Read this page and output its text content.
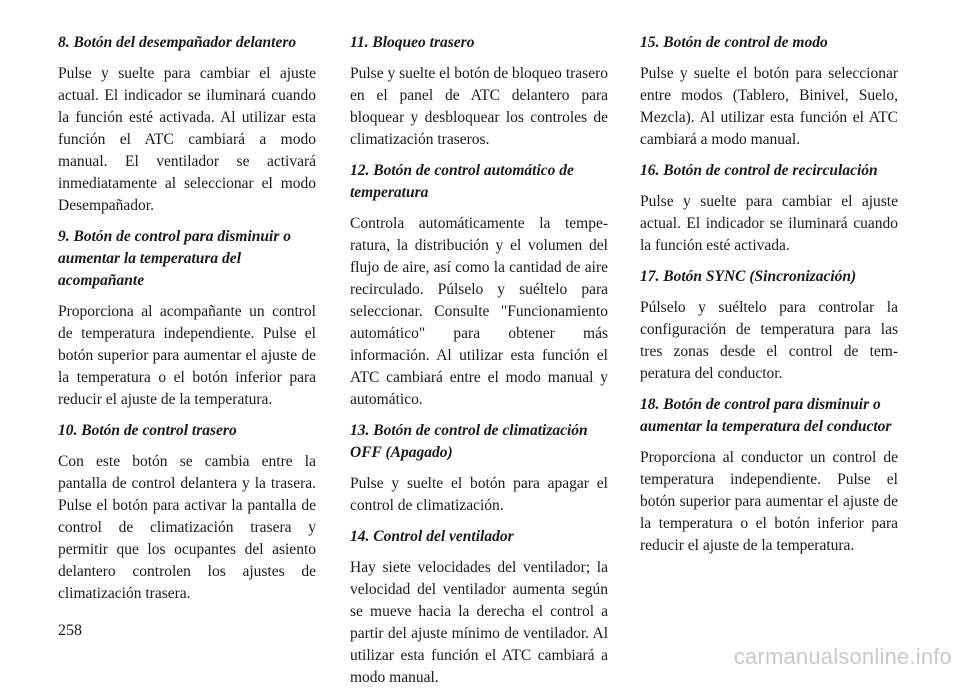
8. Botón del desempañador delantero

Pulse y suelte para cambiar el ajuste actual. El indicador se iluminará cuando la función esté activada. Al utilizar esta función el ATC cambiará a modo manual. El ventilador se activará inmediatamente al seleccionar el modo Desempañador.

9. Botón de control para disminuir o aumentar la temperatura del acompañante

Proporciona al acompañante un control de temperatura independiente. Pulse el botón superior para aumentar el ajuste de la temperatura o el botón inferior para reducir el ajuste de la temperatura.

10. Botón de control trasero

Con este botón se cambia entre la pantalla de control delantera y la trasera. Pulse el botón para activar la pantalla de control de climatización trasera y permitir que los ocupantes del asiento delantero controlen los ajustes de climatización trasera.

11. Bloqueo trasero

Pulse y suelte el botón de bloqueo trasero en el panel de ATC delantero para bloquear y desbloquear los controles de climatización traseros.

12. Botón de control automático de temperatura

Controla automáticamente la temperatura, la distribución y el volumen del flujo de aire, así como la cantidad de aire recirculado. Púlselo y suéltelo para seleccionar. Consulte "Funcionamiento automático" para obtener más información. Al utilizar esta función el ATC cambiará entre el modo manual y automático.

13. Botón de control de climatización OFF (Apagado)

Pulse y suelte el botón para apagar el control de climatización.

14. Control del ventilador

Hay siete velocidades del ventilador; la velocidad del ventilador aumenta según se mueve hacia la derecha el control a partir del ajuste mínimo de ventilador. Al utilizar esta función el ATC cambiará a modo manual.

15. Botón de control de modo

Pulse y suelte el botón para seleccionar entre modos (Tablero, Binivel, Suelo, Mezcla). Al utilizar esta función el ATC cambiará a modo manual.

16. Botón de control de recirculación

Pulse y suelte para cambiar el ajuste actual. El indicador se iluminará cuando la función esté activada.

17. Botón SYNC (Sincronización)

Púlselo y suéltelo para controlar la configuración de temperatura para las tres zonas desde el control de temperatura del conductor.

18. Botón de control para disminuir o aumentar la temperatura del conductor

Proporciona al conductor un control de temperatura independiente. Pulse el botón superior para aumentar el ajuste de la temperatura o el botón inferior para reducir el ajuste de la temperatura.

258
carmanualsonline.info
